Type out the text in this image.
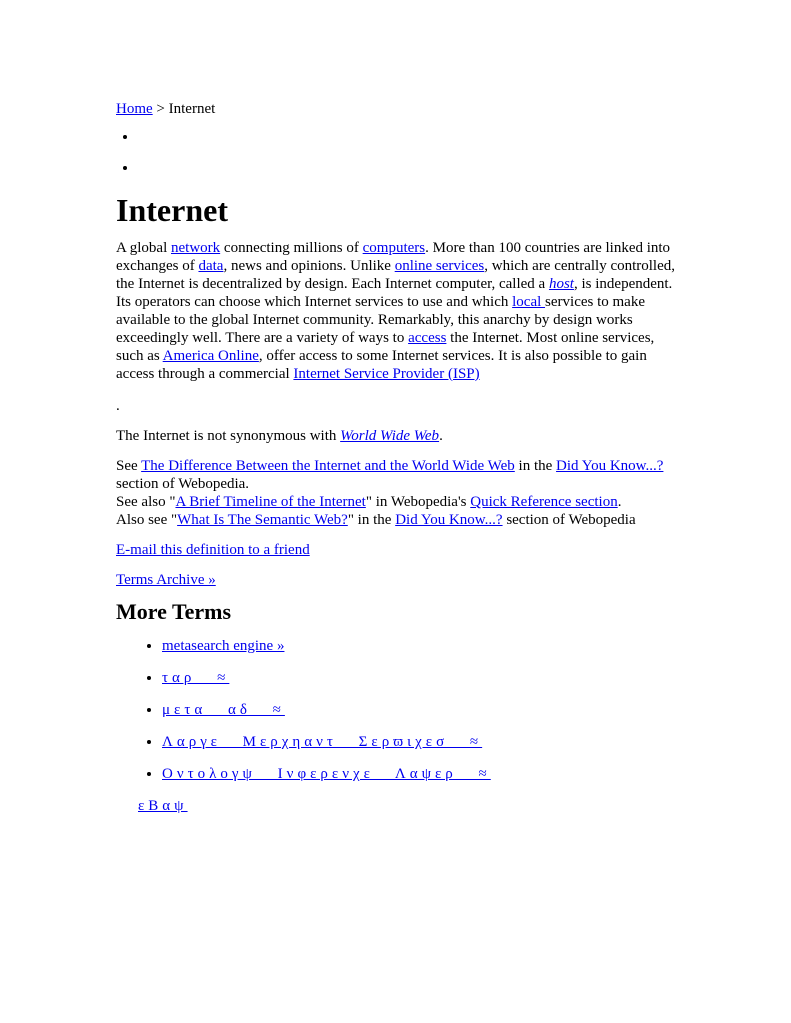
Home > Internet
•
•
Internet

A global network connecting millions of computers. More than 100 countries are linked into exchanges of data, news and opinions. Unlike online services, which are centrally controlled, the Internet is decentralized by design. Each Internet computer, called a host, is independent. Its operators can choose which Internet services to use and which local services to make available to the global Internet community. Remarkably, this anarchy by design works exceedingly well. There are a variety of ways to access the Internet. Most online services, such as America Online, offer access to some Internet services. It is also possible to gain access through a commercial Internet Service Provider (ISP)

.

The Internet is not synonymous with World Wide Web.

See The Difference Between the Internet and the World Wide Web in the Did You Know...? section of Webopedia.
See also "A Brief Timeline of the Internet" in Webopedia's Quick Reference section.
Also see "What Is The Semantic Web?" in the Did You Know...? section of Webopedia

E-mail this definition to a friend

Terms Archive »

More Terms
• metasearch engine »
• ταρ ≈
• μετα αδ ≈
• Λαργε Μερχηαντ Σερϖιχεσ ≈
• Οντολογψ Ινφερενχε Λαψερ ≈
εΒαψ
